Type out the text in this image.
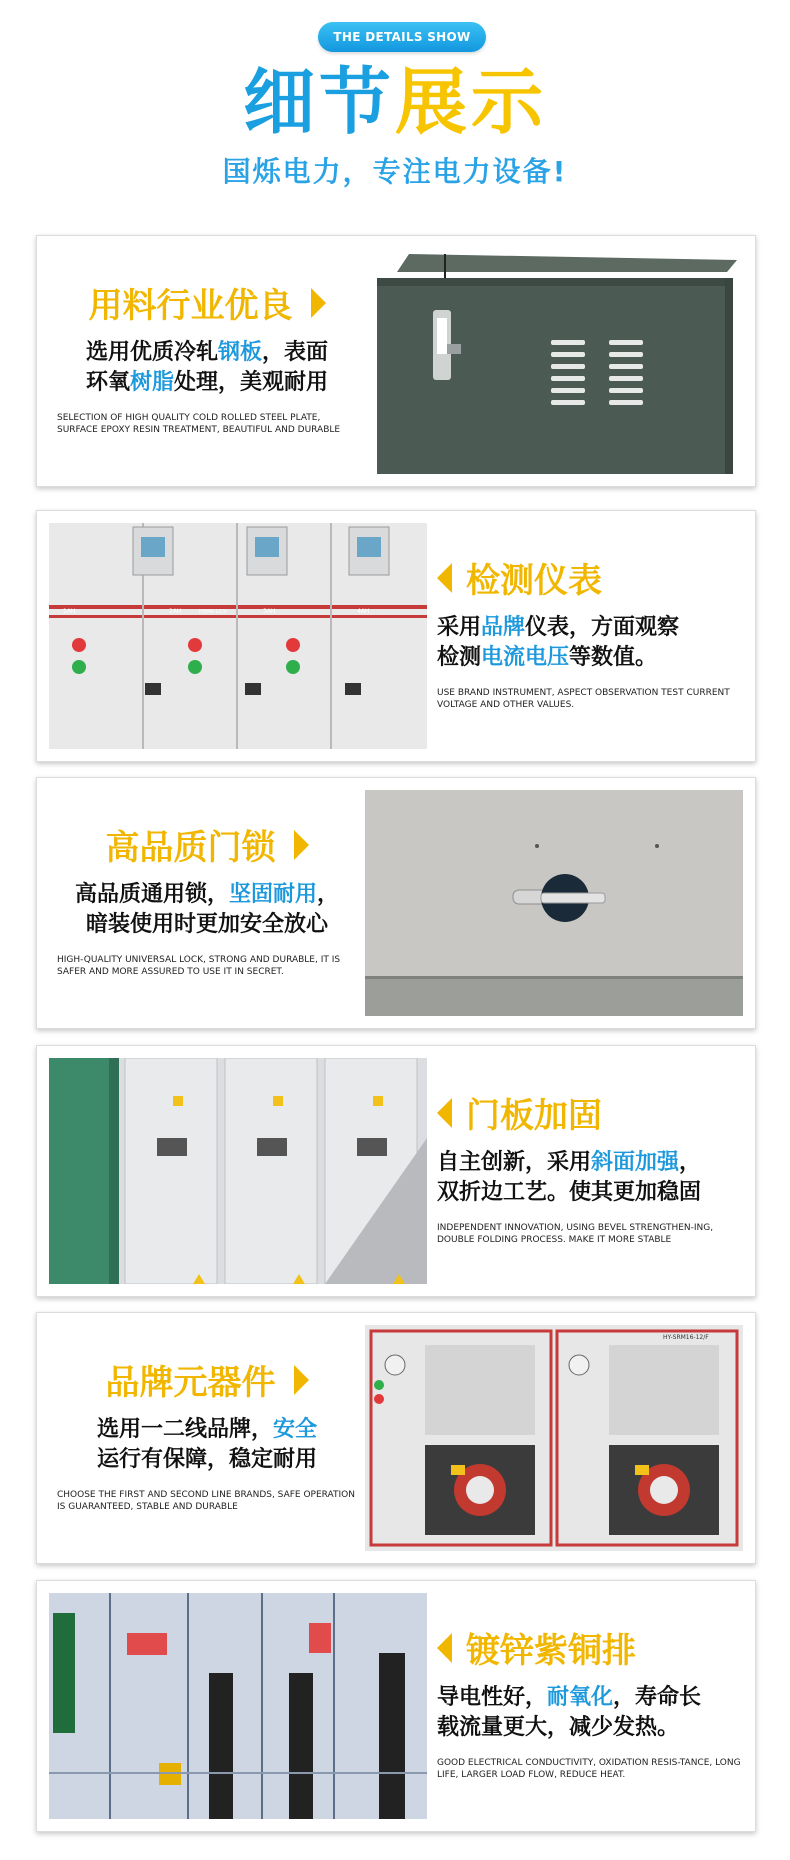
THE DETAILS SHOW
细节展示
国烁电力，专注电力设备!
用料行业优良
选用优质冷轧钢板，表面
环氧树脂处理，美观耐用
SELECTION OF HIGH QUALITY COLD ROLLED STEEL PLATE, SURFACE EPOXY RESIN TREATMENT, BEAUTIFUL AND DURABLE
1AH	2AH	3AH	4AH
HSM6-12/V
检测仪表
采用品牌仪表，方面观察
检测电流电压等数值。
USE BRAND INSTRUMENT, ASPECT OBSERVATION TEST CURRENT VOLTAGE AND OTHER VALUES.
高品质门锁
高品质通用锁，坚固耐用，
暗装使用时更加安全放心
HIGH-QUALITY UNIVERSAL LOCK, STRONG AND DURABLE, IT IS SAFER AND MORE ASSURED TO USE IT IN SECRET.
门板加固
自主创新，采用斜面加强，
双折边工艺。使其更加稳固
INDEPENDENT INNOVATION, USING BEVEL STRENGTHEN-ING, DOUBLE FOLDING PROCESS. MAKE IT MORE STABLE
品牌元器件
选用一二线品牌，安全
运行有保障，稳定耐用
CHOOSE THE FIRST AND SECOND LINE BRANDS, SAFE OPERATION IS GUARANTEED, STABLE AND DURABLE
HY-SRM16-12/F
镀锌紫铜排
导电性好，耐氧化，寿命长
载流量更大，减少发热。
GOOD ELECTRICAL CONDUCTIVITY, OXIDATION RESIS-TANCE, LONG LIFE, LARGER LOAD FLOW, REDUCE HEAT.
